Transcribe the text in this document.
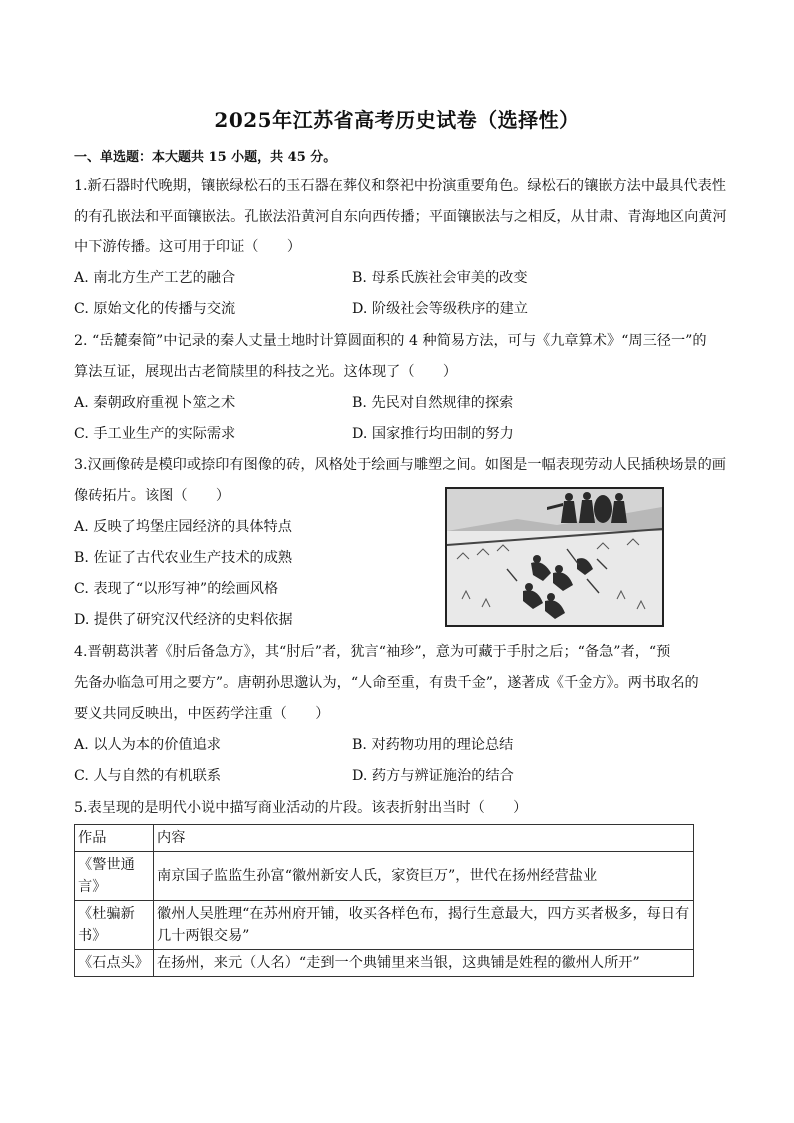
2025年江苏省高考历史试卷（选择性）
一、单选题：本大题共 15 小题，共 45 分。
1.新石器时代晚期，镶嵌绿松石的玉石器在葬仪和祭祀中扮演重要角色。绿松石的镶嵌方法中最具代表性
的有孔嵌法和平面镶嵌法。孔嵌法沿黄河自东向西传播；平面镶嵌法与之相反，从甘肃、青海地区向黄河
中下游传播。这可用于印证（　　）
A. 南北方生产工艺的融合	B. 母系氏族社会审美的改变
C. 原始文化的传播与交流	D. 阶级社会等级秩序的建立
2. “岳麓秦简”中记录的秦人丈量土地时计算圆面积的 4 种简易方法，可与《九章算术》“周三径一”的
算法互证，展现出古老简牍里的科技之光。这体现了（　　）
A. 秦朝政府重视卜筮之术	B. 先民对自然规律的探索
C. 手工业生产的实际需求	D. 国家推行均田制的努力
3.汉画像砖是模印或捺印有图像的砖，风格处于绘画与雕塑之间。如图是一幅表现劳动人民插秧场景的画
像砖拓片。该图（　　）
A. 反映了坞堡庄园经济的具体特点
B. 佐证了古代农业生产技术的成熟
C. 表现了“以形写神”的绘画风格
D. 提供了研究汉代经济的史料依据
4.晋朝葛洪著《肘后备急方》，其“肘后”者，犹言“袖珍”，意为可藏于手肘之后；“备急”者，“预
先备办临急可用之要方”。唐朝孙思邈认为，“人命至重，有贵千金”，遂著成《千金方》。两书取名的
要义共同反映出，中医药学注重（　　）
A. 以人为本的价值追求	B. 对药物功用的理论总结
C. 人与自然的有机联系	D. 药方与辨证施治的结合
5.表呈现的是明代小说中描写商业活动的片段。该表折射出当时（　　）
作品	内容
《警世通言》	南京国子监监生孙富“徽州新安人氏，家资巨万”，世代在扬州经营盐业
《杜骗新书》	徽州人吴胜理“在苏州府开铺，收买各样色布，揭行生意最大，四方买者极多，每日有几十两银交易”
《石点头》	在扬州，来元（人名）“走到一个典铺里来当银，这典铺是姓程的徽州人所开”
